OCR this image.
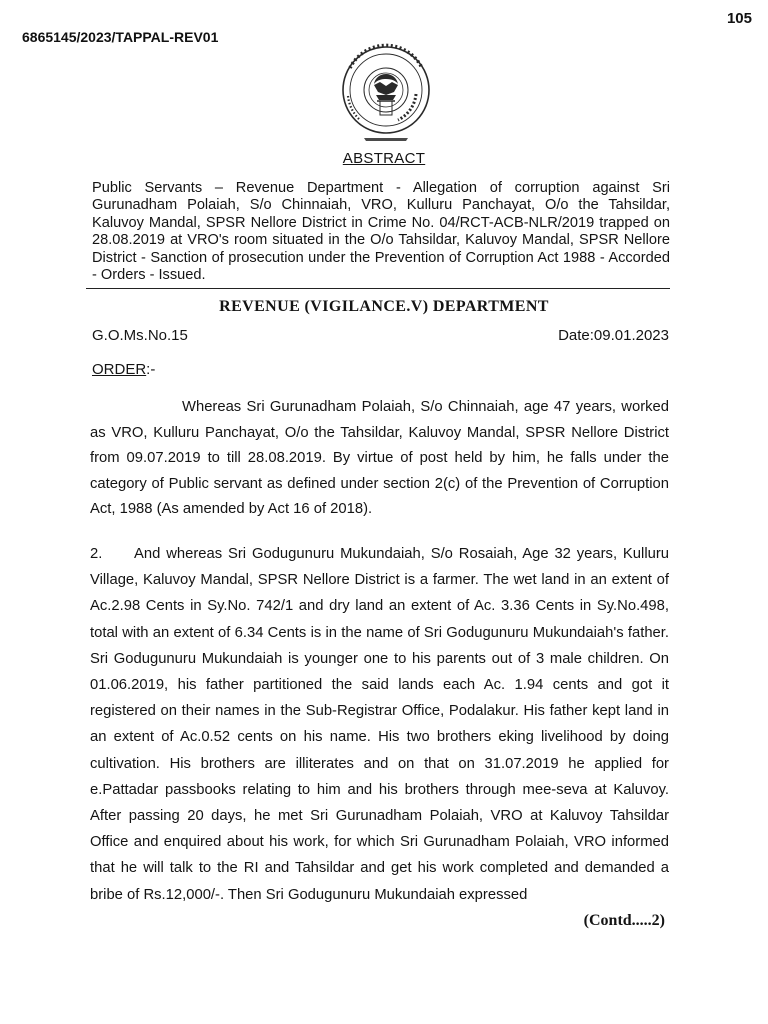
6865145/2023/TAPPAL-REV01
105
ABSTRACT
Public Servants – Revenue Department - Allegation of corruption against Sri Gurunadham Polaiah, S/o Chinnaiah, VRO, Kulluru Panchayat, O/o the Tahsildar, Kaluvoy Mandal, SPSR Nellore District in Crime No. 04/RCT-ACB-NLR/2019 trapped on 28.08.2019 at VRO's room situated in the O/o Tahsildar, Kaluvoy Mandal, SPSR Nellore District - Sanction of prosecution under the Prevention of Corruption Act 1988 - Accorded - Orders - Issued.
REVENUE (VIGILANCE.V) DEPARTMENT
G.O.Ms.No.15	Date:09.01.2023
ORDER:-
Whereas Sri Gurunadham Polaiah, S/o Chinnaiah, age 47 years, worked as VRO, Kulluru Panchayat, O/o the Tahsildar, Kaluvoy Mandal, SPSR Nellore District from 09.07.2019 to till 28.08.2019. By virtue of post held by him, he falls under the category of Public servant as defined under section 2(c) of the Prevention of Corruption Act, 1988 (As amended by Act 16 of 2018).
2. And whereas Sri Godugunuru Mukundaiah, S/o Rosaiah, Age 32 years, Kulluru Village, Kaluvoy Mandal, SPSR Nellore District is a farmer. The wet land in an extent of Ac.2.98 Cents in Sy.No. 742/1 and dry land an extent of Ac. 3.36 Cents in Sy.No.498, total with an extent of 6.34 Cents is in the name of Sri Godugunuru Mukundaiah's father. Sri Godugunuru Mukundaiah is younger one to his parents out of 3 male children. On 01.06.2019, his father partitioned the said lands each Ac. 1.94 cents and got it registered on their names in the Sub-Registrar Office, Podalakur. His father kept land in an extent of Ac.0.52 cents on his name. His two brothers eking livelihood by doing cultivation. His brothers are illiterates and on that on 31.07.2019 he applied for e.Pattadar passbooks relating to him and his brothers through mee-seva at Kaluvoy. After passing 20 days, he met Sri Gurunadham Polaiah, VRO at Kaluvoy Tahsildar Office and enquired about his work, for which Sri Gurunadham Polaiah, VRO informed that he will talk to the RI and Tahsildar and get his work completed and demanded a bribe of Rs.12,000/-. Then Sri Godugunuru Mukundaiah expressed
(Contd.....2)
